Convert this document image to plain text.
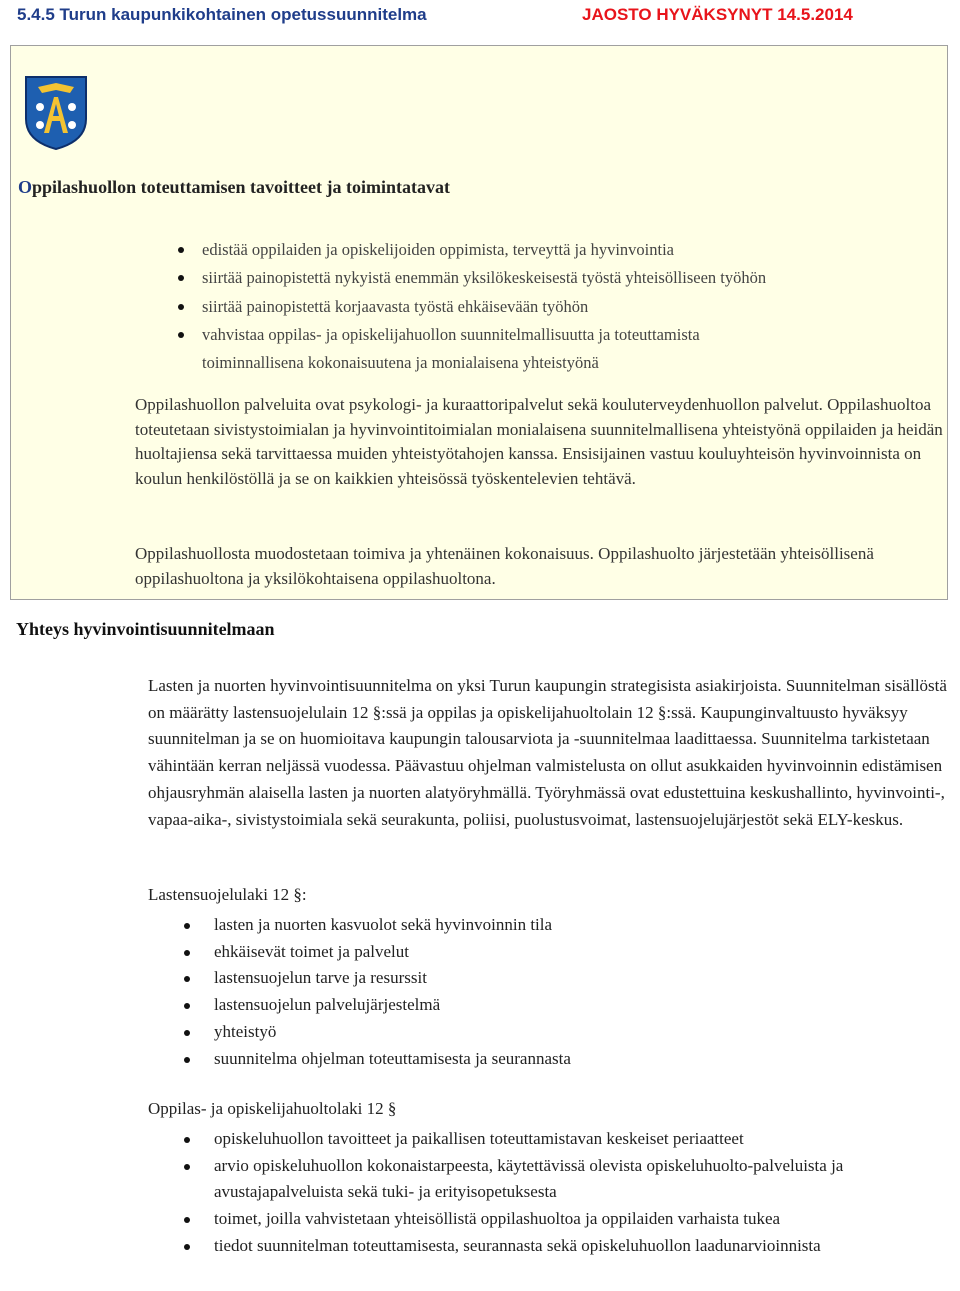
5.4.5 Turun kaupunkikohtainen opetussuunnitelma	JAOSTO HYVÄKSYNYT 14.5.2014
Oppilashuollon toteuttamisen tavoitteet ja toimintatavat
edistää oppilaiden ja opiskelijoiden oppimista, terveyttä ja hyvinvointia
siirtää painopistettä nykyistä enemmän yksilökeskeisestä työstä yhteisölliseen työhön
siirtää painopistettä korjaavasta työstä ehkäisevään työhön
vahvistaa oppilas- ja opiskelijahuollon suunnitelmallisuutta ja toteuttamista
toiminnallisena kokonaisuutena ja monialaisena yhteistyönä

Oppilashuollon palveluita ovat psykologi- ja kuraattoripalvelut sekä kouluterveydenhuollon palvelut. Oppilashuoltoa toteutetaan sivistystoimialan ja hyvinvointitoimialan monialaisena suunnitelmallisena yhteistyönä oppilaiden ja heidän huoltajiensa sekä tarvittaessa muiden yhteistyötahojen kanssa. Ensisijainen vastuu kouluyhteisön hyvinvoinnista on koulun henkilöstöllä ja se on kaikkien yhteisössä työskentelevien tehtävä.

Oppilashuollosta muodostetaan toimiva ja yhtenäinen kokonaisuus. Oppilashuolto järjestetään yhteisöllisenä oppilashuoltona ja yksilökohtaisena oppilashuoltona.

Yhteys hyvinvointisuunnitelmaan

Lasten ja nuorten hyvinvointisuunnitelma on yksi Turun kaupungin strategisista asiakirjoista. Suunnitelman sisällöstä on määrätty lastensuojelulain 12 §:ssä ja oppilas ja opiskelijahuoltolain 12 §:ssä. Kaupunginvaltuusto hyväksyy suunnitelman ja se on huomioitava kaupungin talousarviota ja -suunnitelmaa laadittaessa. Suunnitelma tarkistetaan vähintään kerran neljässä vuodessa. Päävastuu ohjelman valmistelusta on ollut asukkaiden hyvinvoinnin edistämisen ohjausryhmän alaisella lasten ja nuorten alatyöryhmällä. Työryhmässä ovat edustettuina keskushallinto, hyvinvointi-, vapaa-aika-, sivistystoimiala sekä seurakunta, poliisi, puolustusvoimat, lastensuojelujärjestöt sekä ELY-keskus.

Lastensuojelulaki 12 §:
lasten ja nuorten kasvuolot sekä hyvinvoinnin tila
ehkäisevät toimet ja palvelut
lastensuojelun tarve ja resurssit
lastensuojelun palvelujärjestelmä
yhteistyö
suunnitelma ohjelman toteuttamisesta ja seurannasta
Oppilas- ja opiskelijahuoltolaki 12 §
opiskeluhuollon tavoitteet ja paikallisen toteuttamistavan keskeiset periaatteet
arvio opiskeluhuollon kokonaistarpeesta, käytettävissä olevista opiskeluhuolto-palveluista ja avustajapalveluista sekä tuki- ja erityisopetuksesta
toimet, joilla vahvistetaan yhteisöllistä oppilashuoltoa ja oppilaiden varhaista tukea
tiedot suunnitelman toteuttamisesta, seurannasta sekä opiskeluhuollon laadunarvioinnista
